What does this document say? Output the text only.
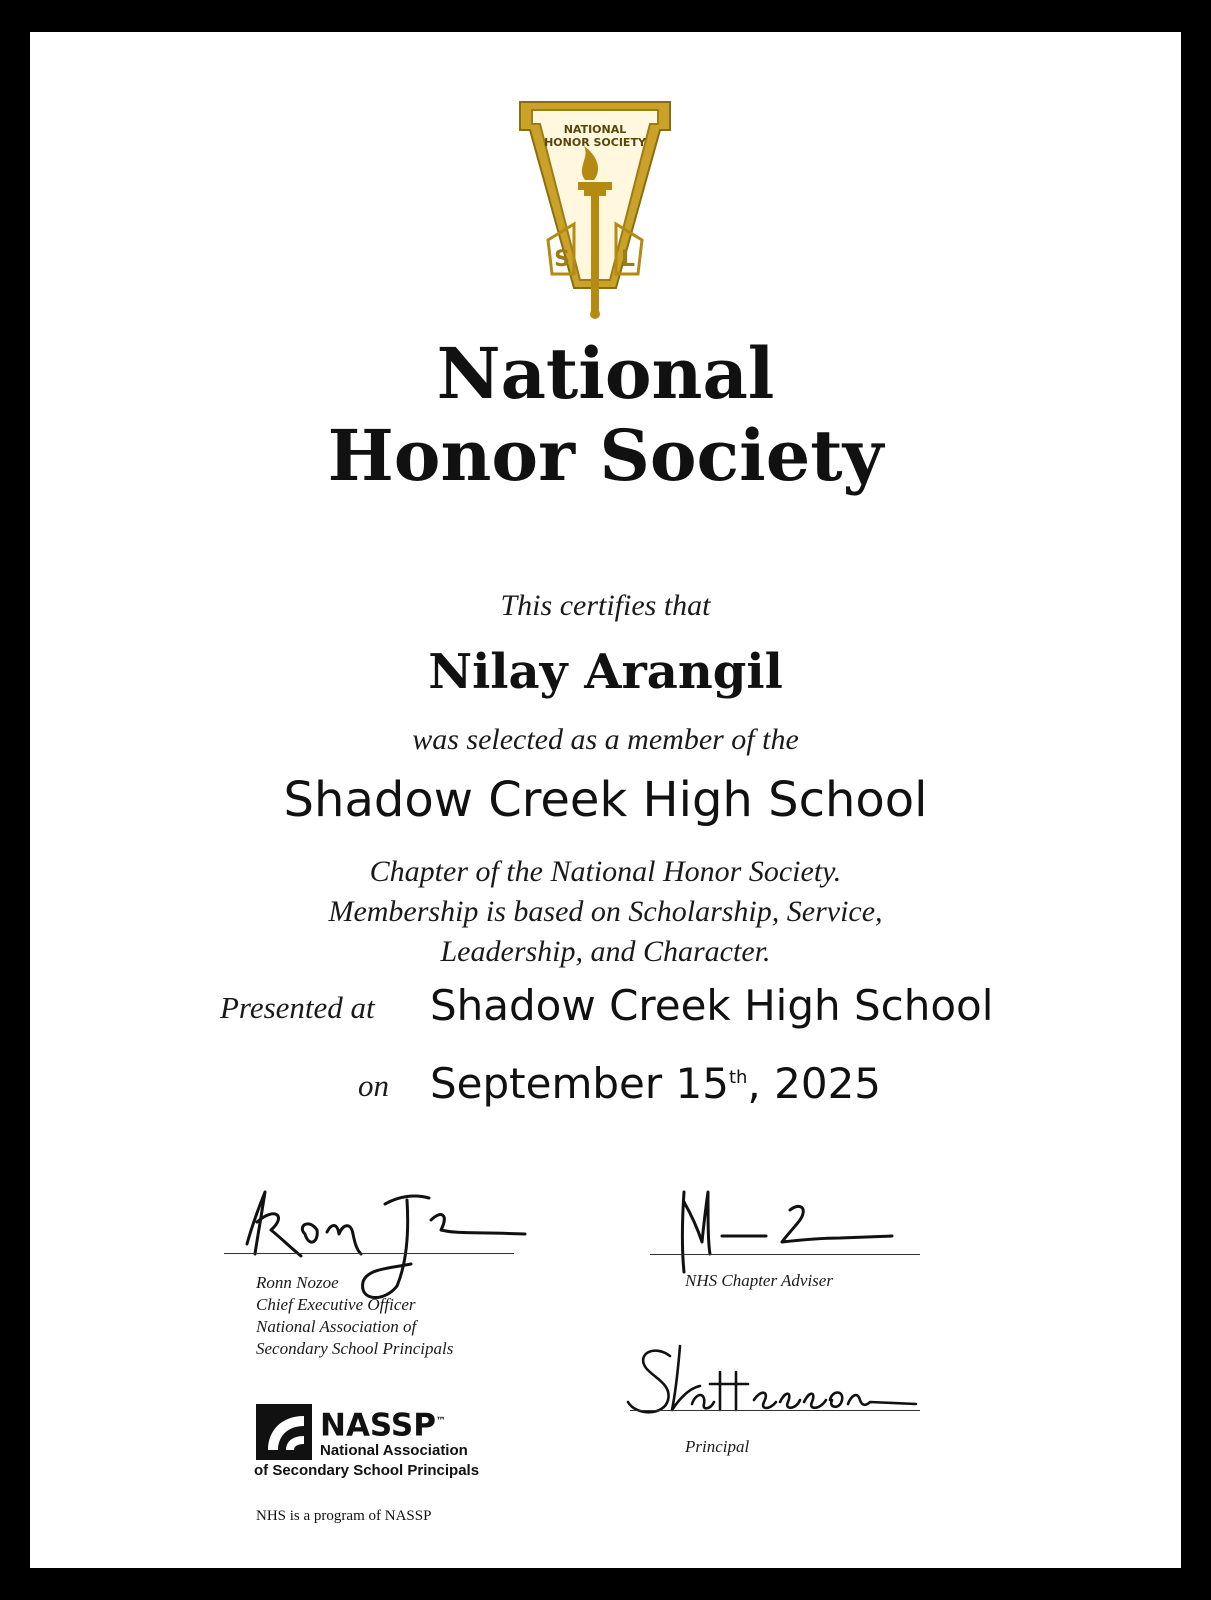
S L
NATIONAL
HONOR SOCIETY
National
Honor Society
This certifies that
Nilay Arangil
was selected as a member of the
Shadow Creek High School
Chapter of the National Honor Society.
Membership is based on Scholarship, Service,
Leadership, and Character.
Presented at Shadow Creek High School
on September 15th, 2025
Ronn Nozoe
Chief Executive Officer
National Association of
Secondary School Principals
NHS Chapter Adviser
Principal
NASSP™
National Association
of Secondary School Principals
NHS is a program of NASSP
